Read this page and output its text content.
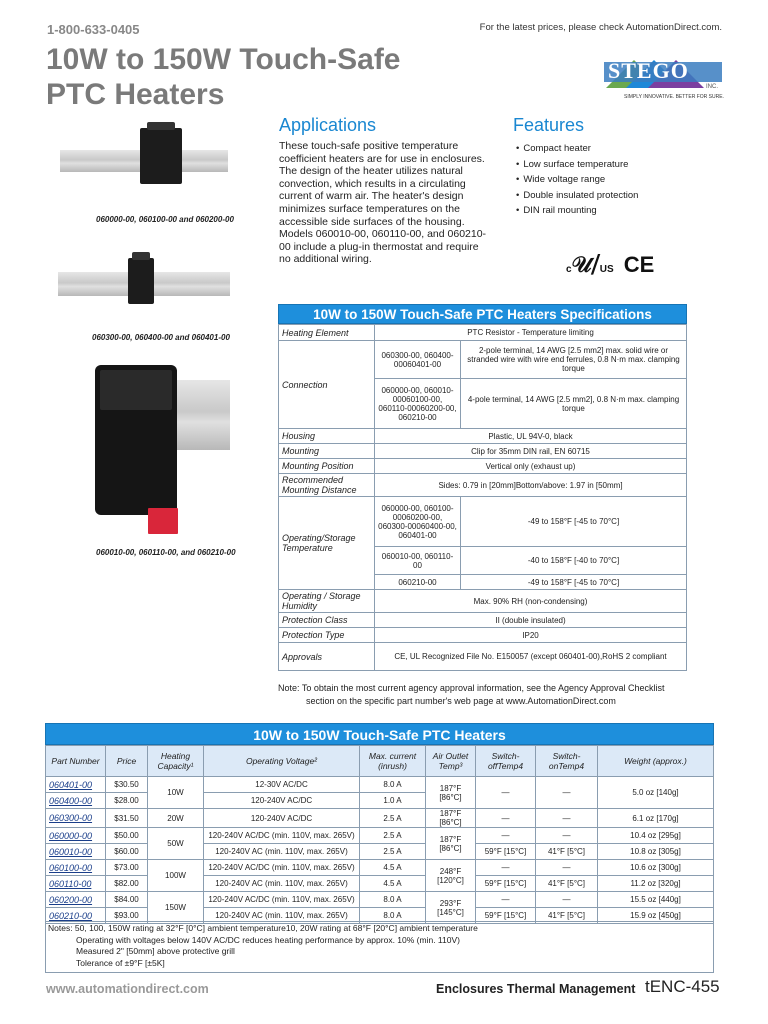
1-800-633-0405	For the latest prices, please check AutomationDirect.com.
10W to 150W Touch-Safe
PTC Heaters
STEGO
INC.
SIMPLY INNOVATIVE. BETTER FOR SURE.
060000-00, 060100-00 and 060200-00
060300-00, 060400-00 and 060401-00
060010-00, 060110-00, and 060210-00
Applications
These touch-safe positive temperature coefficient heaters are for use in enclosures. The design of the heater utilizes natural convection, which results in a circulating current of warm air. The heater's design minimizes surface temperatures on the accessible side surfaces of the housing. Models 060010-00, 060110-00, and 060210-00 include a plug-in thermostat and require no additional wiring.
Features
• Compact heater
• Low surface temperature
• Wide voltage range
• Double insulated protection
• DIN rail mounting
c𝒰⧸US CE
10W to 150W Touch-Safe PTC Heaters Specifications
Heating Element	PTC Resistor - Temperature limiting	
Connection	060300-00, 060400-00060401-00	2-pole terminal, 14 AWG [2.5 mm2] max. solid wire or stranded wire with wire end ferrules, 0.8 N·m max. clamping torque
	060000-00, 060010-00060100-00, 060110-00060200-00, 060210-00	4-pole terminal, 14 AWG [2.5 mm2], 0.8 N·m max. clamping torque
Housing	Plastic, UL 94V-0, black	
Mounting	Clip for 35mm DIN rail, EN 60715	
Mounting Position	Vertical only (exhaust up)	
Recommended Mounting Distance	Sides: 0.79 in [20mm]Bottom/above: 1.97 in [50mm]	
Operating/Storage Temperature	060000-00, 060100-00060200-00, 060300-00060400-00, 060401-00	-49 to 158°F [-45 to 70°C]
	060010-00, 060110-00	-40 to 158°F [-40 to 70°C]
	060210-00	-49 to 158°F [-45 to 70°C]
Operating / Storage Humidity	Max. 90% RH (non-condensing)	
Protection Class	II (double insulated)	
Protection Type	IP20	
Approvals	CE, UL Recognized File No. E150057 (except 060401-00),RoHS 2 compliant	
Note: To obtain the most current agency approval information, see the Agency Approval Checklist
section on the specific part number's web page at www.AutomationDirect.com
10W to 150W Touch-Safe PTC Heaters
Part Number	Price	Heating Capacity¹	Operating Voltage²	Max. current (inrush)	Air Outlet Temp³	Switch-offTemp4	Switch-onTemp4	Weight (approx.)
060401-00	$30.50	10W	12-30V AC/DC	8.0 A	187°F [86°C]	—	—	5.0 oz [140g]
060400-00	$28.00		120-240V AC/DC	1.0 A				
060300-00	$31.50	20W	120-240V AC/DC	2.5 A	187°F [86°C]	—	—	6.1 oz [170g]
060000-00	$50.00	50W	120-240V AC/DC (min. 110V, max. 265V)	2.5 A	187°F [86°C]	—	—	10.4 oz [295g]
060010-00	$60.00		120-240V AC (min. 110V, max. 265V)	2.5 A		59°F [15°C]	41°F [5°C]	10.8 oz [305g]
060100-00	$73.00	100W	120-240V AC/DC (min. 110V, max. 265V)	4.5 A	248°F [120°C]	—	—	10.6 oz [300g]
060110-00	$82.00		120-240V AC (min. 110V, max. 265V)	4.5 A		59°F [15°C]	41°F [5°C]	11.2 oz [320g]
060200-00	$84.00	150W	120-240V AC/DC (min. 110V, max. 265V)	8.0 A	293°F [145°C]	—	—	15.5 oz [440g]
060210-00	$93.00		120-240V AC (min. 110V, max. 265V)	8.0 A		59°F [15°C]	41°F [5°C]	15.9 oz [450g]
Notes: 50, 100, 150W rating at 32°F [0°C] ambient temperature10, 20W rating at 68°F [20°C] ambient temperature
Operating with voltages below 140V AC/DC reduces heating performance by approx. 10% (min. 110V)
Measured 2" [50mm] above protective grill
Tolerance of ±9°F [±5K]
www.automationdirect.com	Enclosures Thermal Management tENC-455
